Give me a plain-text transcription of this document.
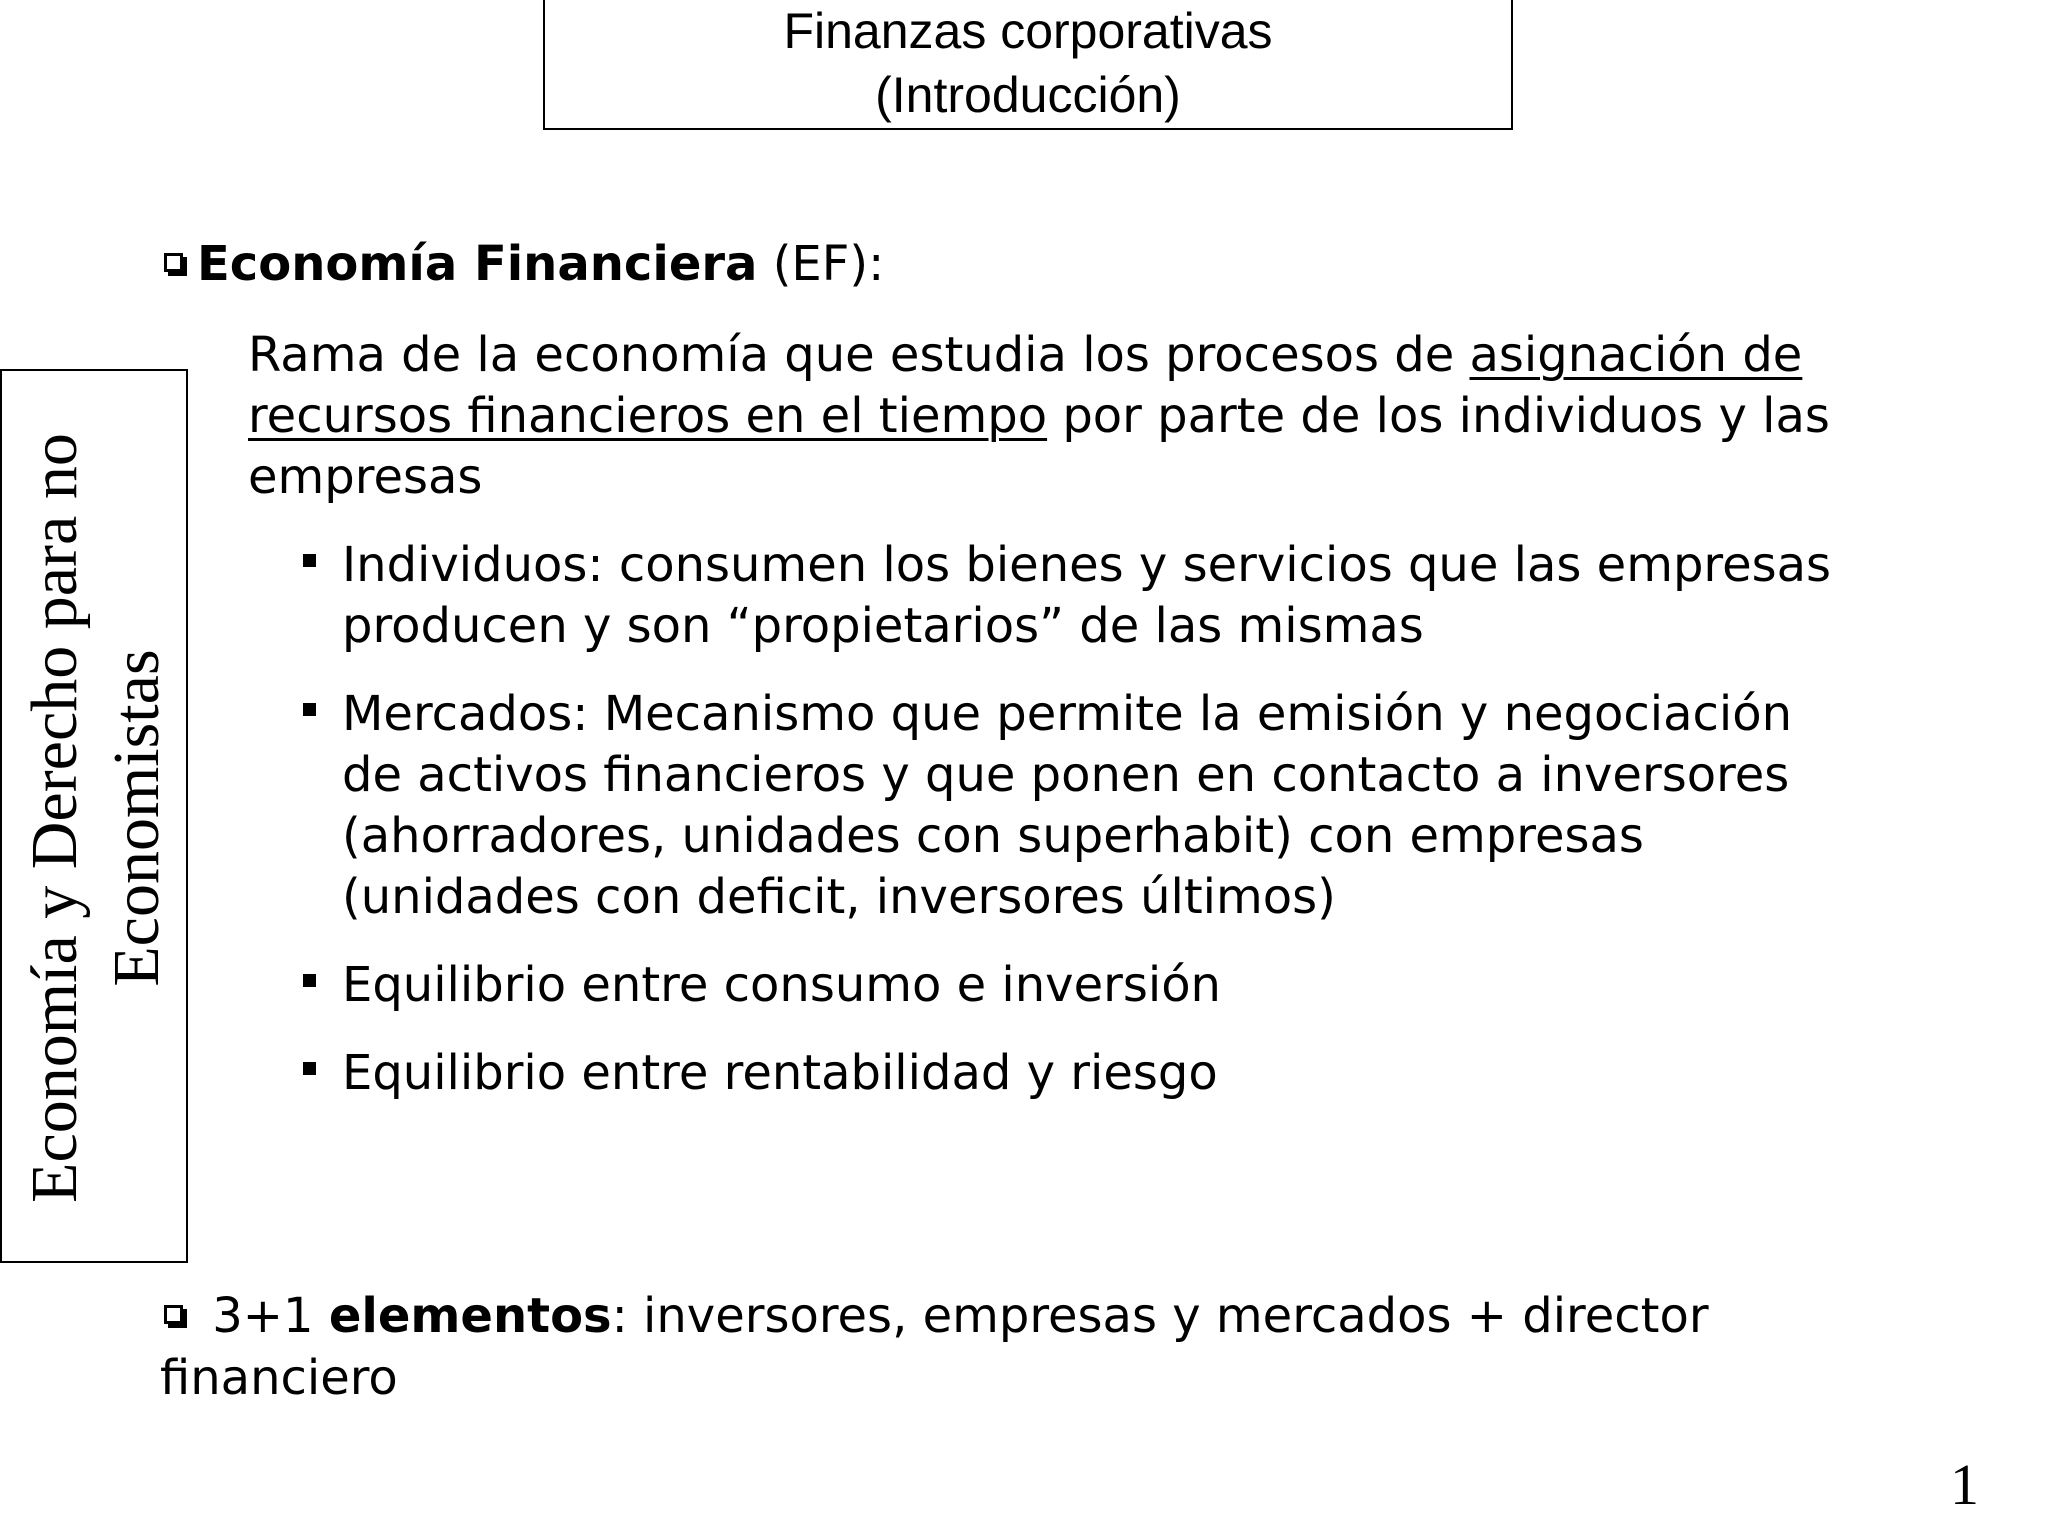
Finanzas corporativas
(Introducción)
Economía y Derecho para no Economistas
Economía Financiera (EF):
Rama de la economía que estudia los procesos de asignación de recursos financieros en el tiempo por parte de los individuos y las empresas
Individuos: consumen los bienes y servicios que las empresas producen y son “propietarios” de las mismas
Mercados: Mecanismo que permite la emisión y negociación de activos financieros y que ponen en contacto a inversores (ahorradores, unidades con superhabit) con empresas (unidades con deficit, inversores últimos)
Equilibrio entre consumo e inversión
Equilibrio entre rentabilidad y riesgo
3+1 elementos: inversores, empresas y mercados + director financiero
1
